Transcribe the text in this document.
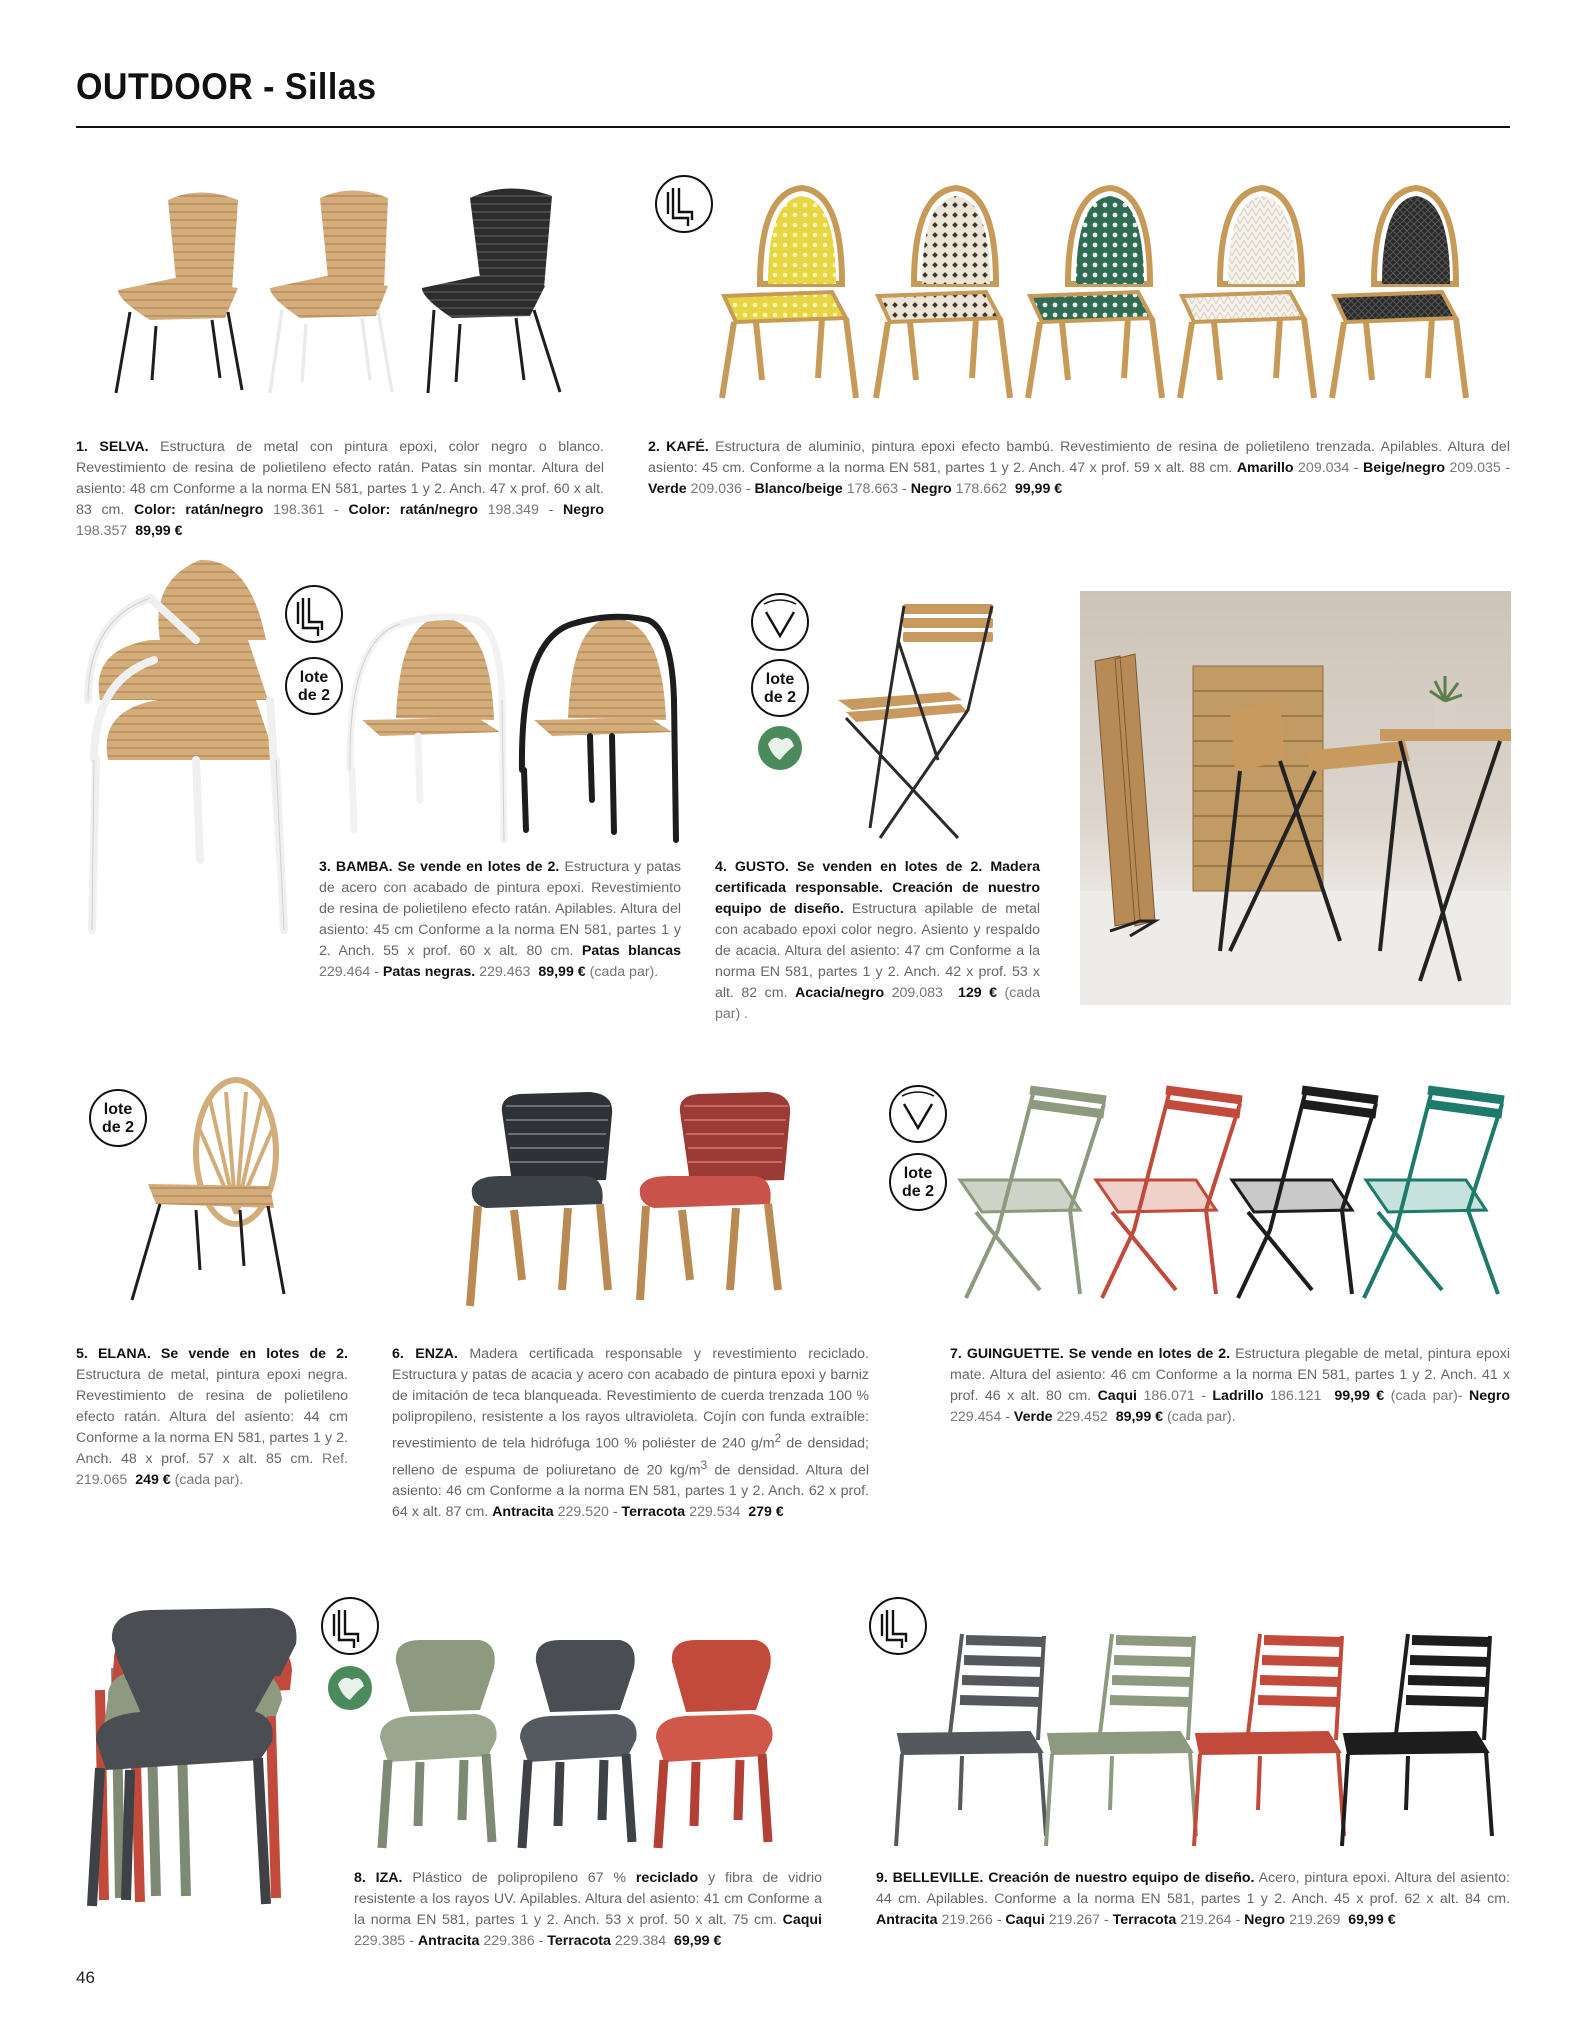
OUTDOOR - Sillas
lote
de 2
lote
de 2
lote
de 2
lote
de 2
1. SELVA. Estructura de metal con pintura epoxi, color negro o blanco. Revestimiento de resina de polietileno efecto ratán. Patas sin montar. Altura del asiento: 48 cm Conforme a la norma EN 581, partes 1 y 2. Anch. 47 x prof. 60 x alt. 83 cm. Color: ratán/negro 198.361 - Color: ratán/negro 198.349 - Negro 198.357 89,99 €
2. KAFÉ. Estructura de aluminio, pintura epoxi efecto bambú. Revestimiento de resina de polietileno trenzada. Apilables. Altura del asiento: 45 cm. Conforme a la norma EN 581, partes 1 y 2. Anch. 47 x prof. 59 x alt. 88 cm. Amarillo 209.034 - Beige/negro 209.035 - Verde 209.036 - Blanco/beige 178.663 - Negro 178.662 99,99 €
3. BAMBA. Se vende en lotes de 2. Estructura y patas de acero con acabado de pintura epoxi. Revestimiento de resina de polietileno efecto ratán. Apilables. Altura del asiento: 45 cm Conforme a la norma EN 581, partes 1 y 2. Anch. 55 x prof. 60 x alt. 80 cm. Patas blancas 229.464 - Patas negras. 229.463 89,99 € (cada par).
4. GUSTO. Se venden en lotes de 2. Madera certificada responsable. Creación de nuestro equipo de diseño. Estructura apilable de metal con acabado epoxi color negro. Asiento y respaldo de acacia. Altura del asiento: 47 cm Conforme a la norma EN 581, partes 1 y 2. Anch. 42 x prof. 53 x alt. 82 cm. Acacia/negro 209.083 129 € (cada par) .
5. ELANA. Se vende en lotes de 2. Estructura de metal, pintura epoxi negra. Revestimiento de resina de polietileno efecto ratán. Altura del asiento: 44 cm Conforme a la norma EN 581, partes 1 y 2. Anch. 48 x prof. 57 x alt. 85 cm. Ref. 219.065 249 € (cada par).
6. ENZA. Madera certificada responsable y revestimiento reciclado. Estructura y patas de acacia y acero con acabado de pintura epoxi y barniz de imitación de teca blanqueada. Revestimiento de cuerda trenzada 100 % polipropileno, resistente a los rayos ultravioleta. Cojín con funda extraíble: revestimiento de tela hidrófuga 100 % poliéster de 240 $g/m^2$ de densidad; relleno de espuma de poliuretano de 20 $kg/m^3$ de densidad. Altura del asiento: 46 cm Conforme a la norma EN 581, partes 1 y 2. Anch. 62 x prof. 64 x alt. 87 cm. Antracita 229.520 - Terracota 229.534 279 €
7. GUINGUETTE. Se vende en lotes de 2. Estructura plegable de metal, pintura epoxi mate. Altura del asiento: 46 cm Conforme a la norma EN 581, partes 1 y 2. Anch. 41 x prof. 46 x alt. 80 cm. Caqui 186.071 - Ladrillo 186.121 99,99 € (cada par)- Negro 229.454 - Verde 229.452 89,99 € (cada par).
8. IZA. Plástico de polipropileno 67 % reciclado y fibra de vidrio resistente a los rayos UV. Apilables. Altura del asiento: 41 cm Conforme a la norma EN 581, partes 1 y 2. Anch. 53 x prof. 50 x alt. 75 cm. Caqui 229.385 - Antracita 229.386 - Terracota 229.384 69,99 €
9. BELLEVILLE. Creación de nuestro equipo de diseño. Acero, pintura epoxi. Altura del asiento: 44 cm. Apilables. Conforme a la norma EN 581, partes 1 y 2. Anch. 45 x prof. 62 x alt. 84 cm. Antracita 219.266 - Caqui 219.267 - Terracota 219.264 - Negro 219.269 69,99 €
46
